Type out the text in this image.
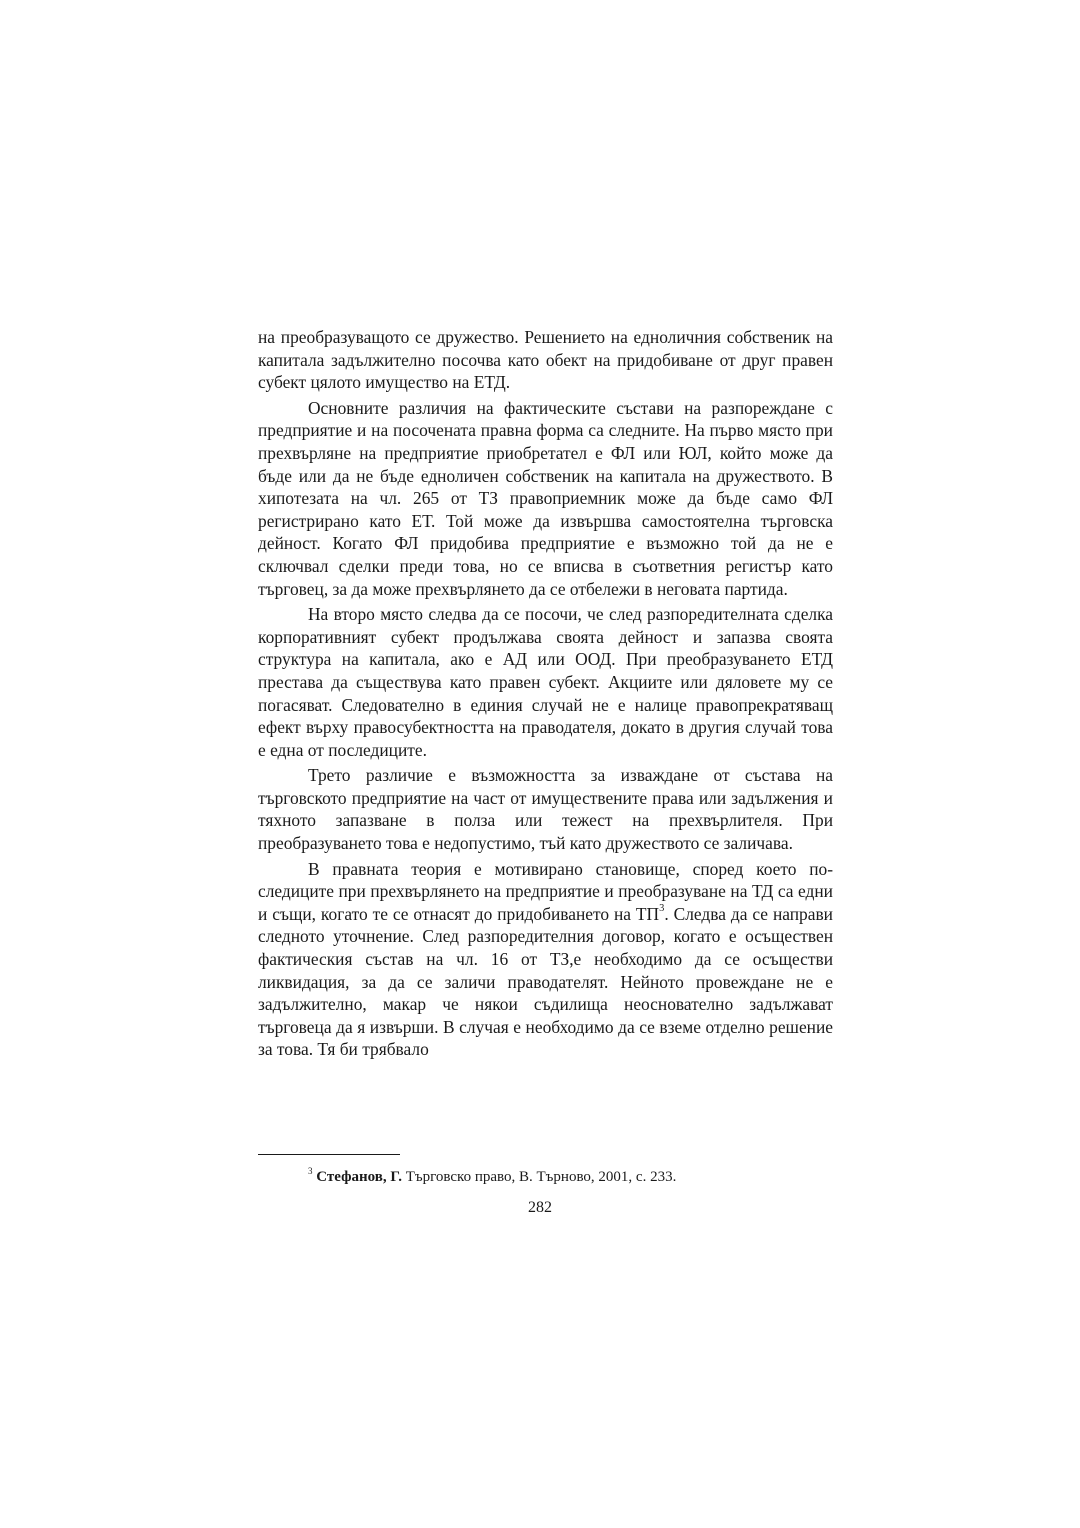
на преобразуващото се дружество. Решението на едноличния собственик на капитала задължително посочва като обект на придобиване от друг правен субект цялото имущество на ЕТД.

Основните различия на фактическите състави на разпореждане с предприятие и на посочената правна форма са следните. На първо място при прехвърляне на предприятие приобретател е ФЛ или ЮЛ, който може да бъде или да не бъде едноличен собственик на капитала на дружеството. В хипотезата на чл. 265 от ТЗ правоприемник може да бъде само ФЛ регистрирано като ЕТ. Той може да извършва самостоятелна търговска дейност. Когато ФЛ придобива предприятие е възможно той да не е сключвал сделки преди това, но се вписва в съответния регистър като търговец, за да може прехвърлянето да се отбележи в неговата партида.

На второ място следва да се посочи, че след разпоредителната сделка корпоративният субект продължава своята дейност и запазва своята структура на капитала, ако е АД или ООД. При преобразуването ЕТД престава да съществува като правен субект. Акциите или дяловете му се погасяват. Следователно в единия случай не е налице правопрекратяващ ефект върху правосубектността на праводателя, докато в другия случай това е една от последиците.

Трето различие е възможността за изваждане от състава на търговското предприятие на част от имуществените права или задължения и тяхното запазване в полза или тежест на прехвърлителя. При преобразуването това е недопустимо, тъй като дружеството се заличава.

В правната теория е мотивирано становище, според което последиците при прехвърлянето на предприятие и преобразуване на ТД са едни и същи, когато те се отнасят до придобиването на $ТП^3$. Следва да се направи следното уточнение. След разпоредителния договор, когато е осъществен фактическия състав на чл. 16 от ТЗ,е необходимо да се осъществи ликвидация, за да се заличи праводателят. Нейното провеждане не е задължително, макар че някои съдилища неоснователно задължават търговеца да я извърши. В случая е необходимо да се вземе отделно решение за това. Тя би трябвало

$^3$ Стефанов, Г. Търговско право, В. Търново, 2001, с. 233.
282
